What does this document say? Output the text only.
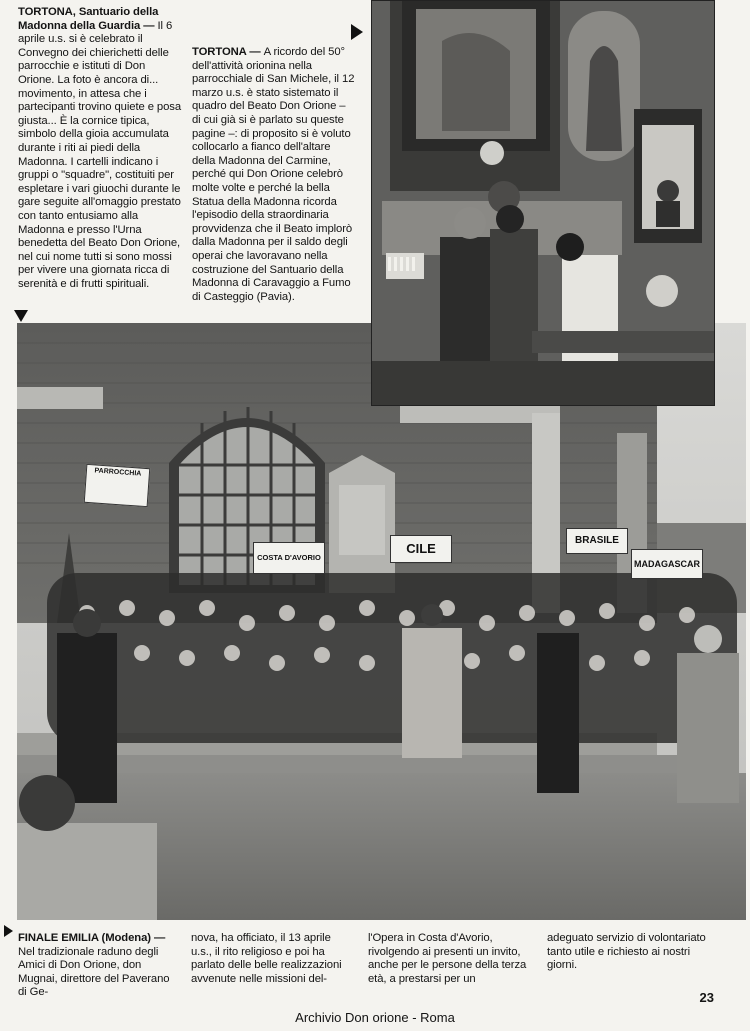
TORTONA, Santuario della Madonna della Guardia — Il 6 aprile u.s. si è celebrato il Convegno dei chierichetti delle parrocchie e istituti di Don Orione. La foto è ancora di... movimento, in attesa che i partecipanti trovino quiete e posa giusta... È la cornice tipica, simbolo della gioia accumulata durante i riti ai piedi della Madonna. I cartelli indicano i gruppi o "squadre", costituiti per espletare i vari giuochi durante le gare seguite all'omaggio prestato con tanto entusiamo alla Madonna e presso l'Urna benedetta del Beato Don Orione, nel cui nome tutti si sono mossi per vivere una giornata ricca di serenità e di frutti spirituali.
TORTONA — A ricordo del 50° dell'attività orionina nella parrocchiale di San Michele, il 12 marzo u.s. è stato sistemato il quadro del Beato Don Orione – di cui già si è parlato su queste pagine –: di proposito si è voluto collocarlo a fianco dell'altare della Madonna del Carmine, perché qui Don Orione celebrò molte volte e perché la bella Statua della Madonna ricorda l'episodio della straordinaria provvidenza che il Beato implorò dalla Madonna per il saldo degli operai che lavoravano nella costruzione del Santuario della Madonna di Caravaggio a Fumo di Casteggio (Pavia).
PARROCCHIA
COSTA D'AVORIO
CILE
BRASILE
MADAGASCAR
FINALE EMILIA (Modena) — Nel tradizionale raduno degli Amici di Don Orione, don Mugnai, direttore del Paverano di Ge-
nova, ha officiato, il 13 aprile u.s., il rito religioso e poi ha parlato delle belle realizzazioni avvenute nelle missioni del-
l'Opera in Costa d'Avorio, rivolgendo ai presenti un invito, anche per le persone della terza età, a prestarsi per un
adeguato servizio di volontariato tanto utile e richiesto ai nostri giorni.
23
Archivio Don orione - Roma
